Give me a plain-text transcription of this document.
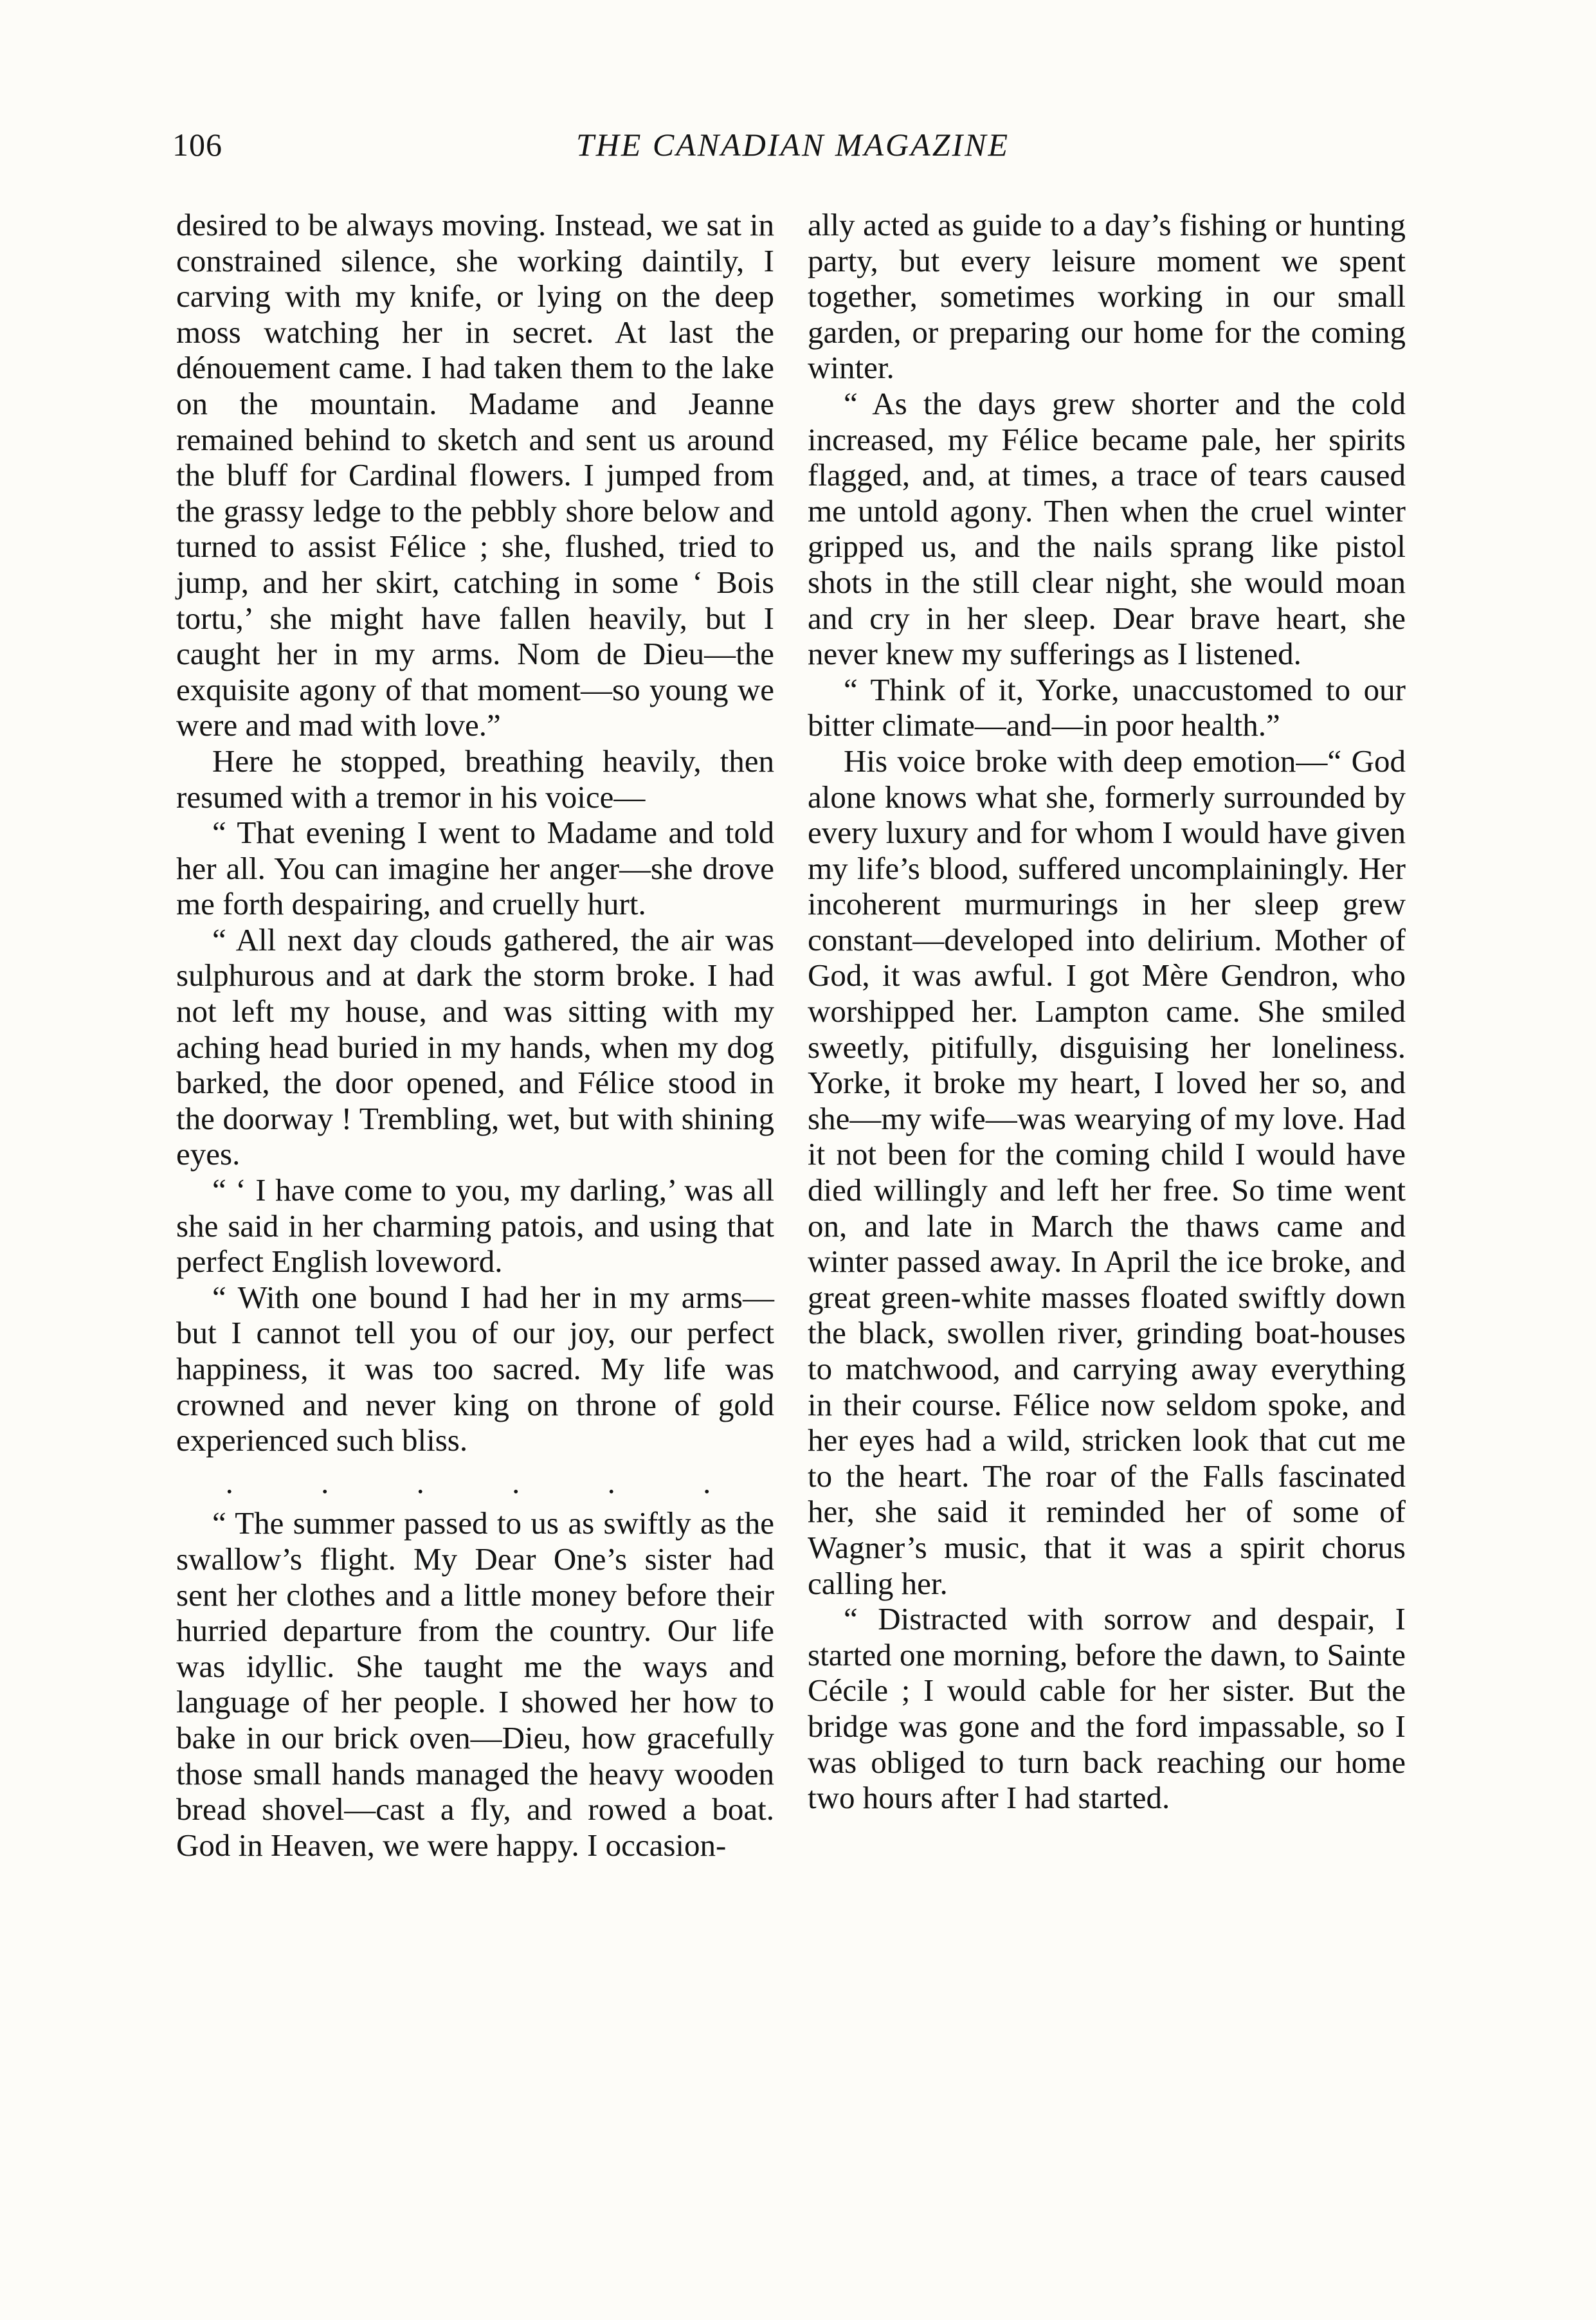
106	THE CANADIAN MAGAZINE

desired to be always moving. Instead, we sat in constrained silence, she working daintily, I carving with my knife, or lying on the deep moss watching her in secret. At last the dénouement came. I had taken them to the lake on the mountain. Madame and Jeanne remained behind to sketch and sent us around the bluff for Cardinal flowers. I jumped from the grassy ledge to the pebbly shore below and turned to assist Félice ; she, flushed, tried to jump, and her skirt, catching in some ‘ Bois tortu,’ she might have fallen heavily, but I caught her in my arms. Nom de Dieu—the exquisite agony of that moment—so young we were and mad with love.”

Here he stopped, breathing heavily, then resumed with a tremor in his voice—

“ That evening I went to Madame and told her all. You can imagine her anger—she drove me forth despairing, and cruelly hurt.

“ All next day clouds gathered, the air was sulphurous and at dark the storm broke. I had not left my house, and was sitting with my aching head buried in my hands, when my dog barked, the door opened, and Félice stood in the doorway ! Trembling, wet, but with shining eyes.

“ ‘ I have come to you, my darling,’ was all she said in her charming patois, and using that perfect English loveword.

“ With one bound I had her in my arms—but I cannot tell you of our joy, our perfect happiness, it was too sacred. My life was crowned and never king on throne of gold experienced such bliss.

. . . . . .

“ The summer passed to us as swiftly as the swallow’s flight. My Dear One’s sister had sent her clothes and a little money before their hurried departure from the country. Our life was idyllic. She taught me the ways and language of her people. I showed her how to bake in our brick oven—Dieu, how gracefully those small hands managed the heavy wooden bread shovel—cast a fly, and rowed a boat. God in Heaven, we were happy. I occasion-

ally acted as guide to a day’s fishing or hunting party, but every leisure moment we spent together, sometimes working in our small garden, or preparing our home for the coming winter.

“ As the days grew shorter and the cold increased, my Félice became pale, her spirits flagged, and, at times, a trace of tears caused me untold agony. Then when the cruel winter gripped us, and the nails sprang like pistol shots in the still clear night, she would moan and cry in her sleep. Dear brave heart, she never knew my sufferings as I listened.

“ Think of it, Yorke, unaccustomed to our bitter climate—and—in poor health.”

His voice broke with deep emotion—“ God alone knows what she, formerly surrounded by every luxury and for whom I would have given my life’s blood, suffered uncomplainingly. Her incoherent murmurings in her sleep grew constant—developed into delirium. Mother of God, it was awful. I got Mère Gendron, who worshipped her. Lampton came. She smiled sweetly, pitifully, disguising her loneliness. Yorke, it broke my heart, I loved her so, and she—my wife—was wearying of my love. Had it not been for the coming child I would have died willingly and left her free. So time went on, and late in March the thaws came and winter passed away. In April the ice broke, and great green-white masses floated swiftly down the black, swollen river, grinding boat-houses to matchwood, and carrying away everything in their course. Félice now seldom spoke, and her eyes had a wild, stricken look that cut me to the heart. The roar of the Falls fascinated her, she said it reminded her of some of Wagner’s music, that it was a spirit chorus calling her.

“ Distracted with sorrow and despair, I started one morning, before the dawn, to Sainte Cécile ; I would cable for her sister. But the bridge was gone and the ford impassable, so I was obliged to turn back reaching our home two hours after I had started.
